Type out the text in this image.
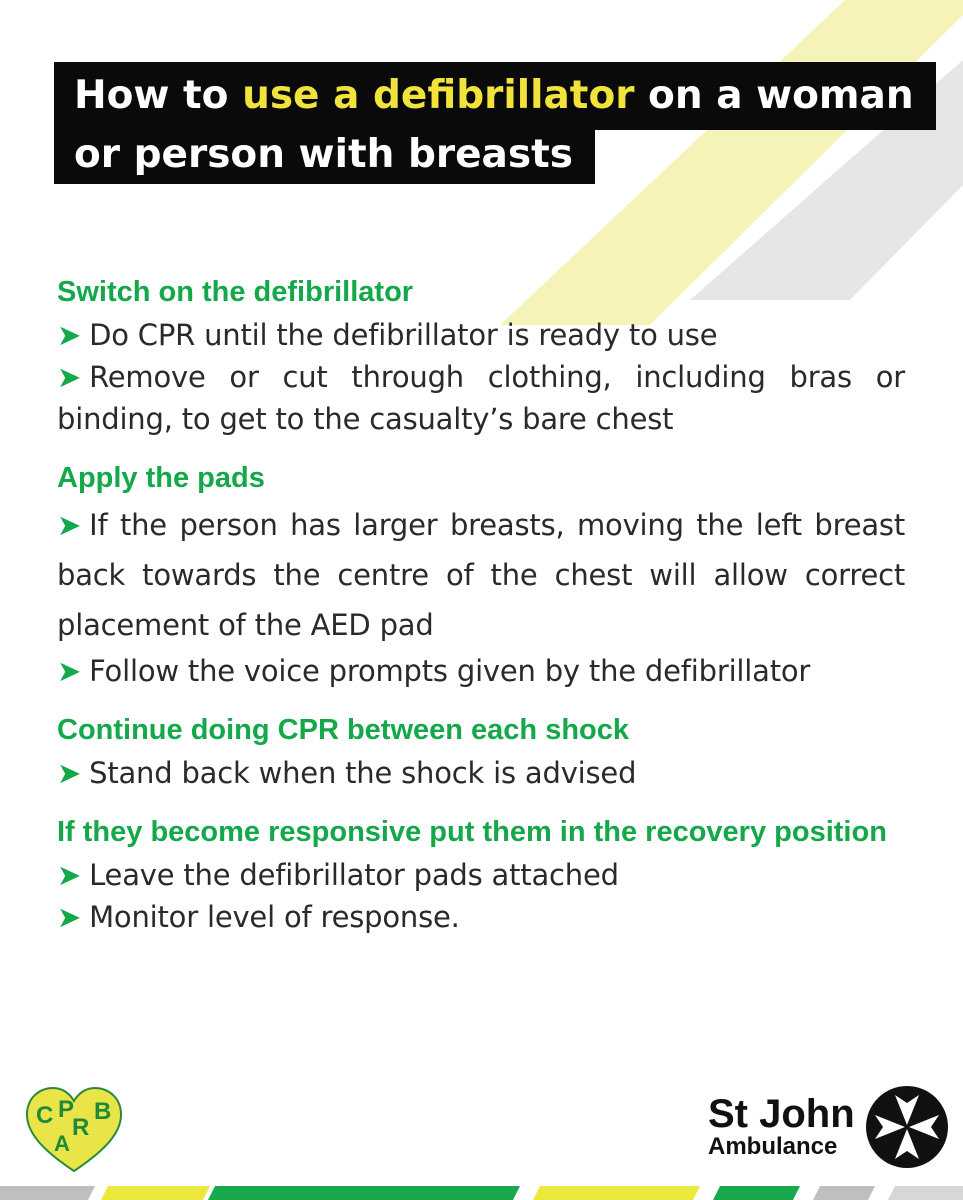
How to use a defibrillator on a woman
or person with breasts
Switch on the defibrillator
➤ Do CPR until the defibrillator is ready to use
➤ Remove or cut through clothing, including bras or binding, to get to the casualty’s bare chest
Apply the pads
➤ If the person has larger breasts, moving the left breast back towards the centre of the chest will allow correct placement of the AED pad
➤ Follow the voice prompts given by the defibrillator
Continue doing CPR between each shock
➤ Stand back when the shock is advised
If they become responsive put them in the recovery position
➤ Leave the defibrillator pads attached
➤ Monitor level of response.
C P
R
B
A
St John
Ambulance
